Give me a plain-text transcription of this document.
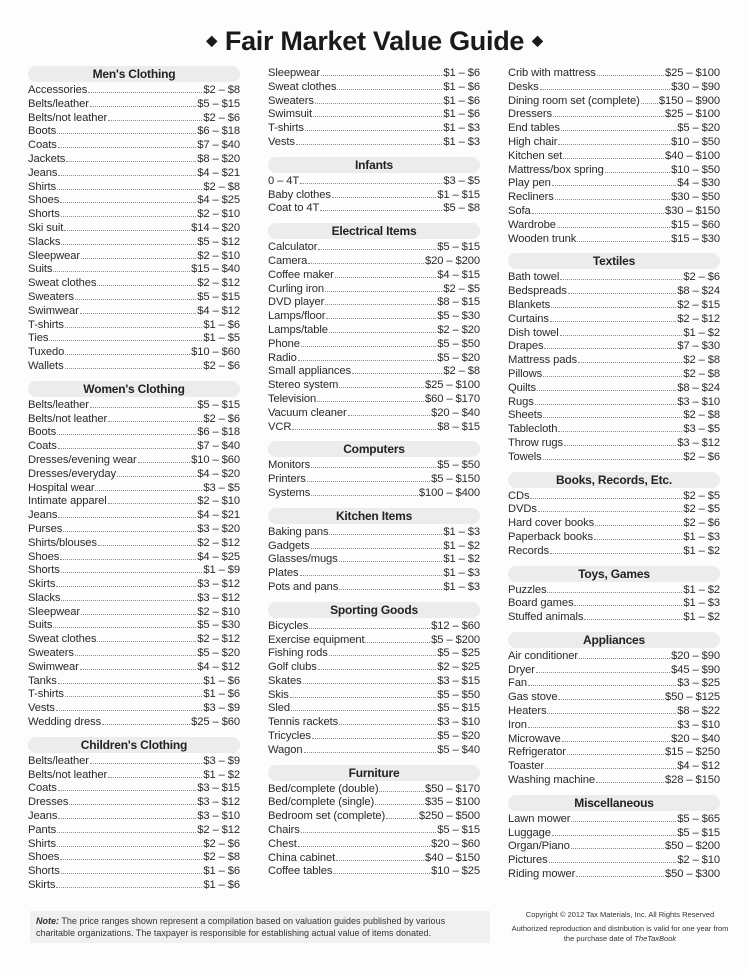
◆ Fair Market Value Guide ◆
Men's Clothing
Accessories	$2 – $8
Belts/leather	$5 – $15
Belts/not leather	$2 – $6
Boots	$6 – $18
Coats	$7 – $40
Jackets	$8 – $20
Jeans	$4 – $21
Shirts	$2 – $8
Shoes	$4 – $25
Shorts	$2 – $10
Ski suit	$14 – $20
Slacks	$5 – $12
Sleepwear	$2 – $10
Suits	$15 – $40
Sweat clothes	$2 – $12
Sweaters	$5 – $15
Swimwear	$4 – $12
T-shirts	$1 – $6
Ties	$1 – $5
Tuxedo	$10 – $60
Wallets	$2 – $6
Women's Clothing
Belts/leather	$5 – $15
Belts/not leather	$2 – $6
Boots	$6 – $18
Coats	$7 – $40
Dresses/evening wear	$10 – $60
Dresses/everyday	$4 – $20
Hospital wear	$3 – $5
Intimate apparel	$2 – $10
Jeans	$4 – $21
Purses	$3 – $20
Shirts/blouses	$2 – $12
Shoes	$4 – $25
Shorts	$1 – $9
Skirts	$3 – $12
Slacks	$3 – $12
Sleepwear	$2 – $10
Suits	$5 – $30
Sweat clothes	$2 – $12
Sweaters	$5 – $20
Swimwear	$4 – $12
Tanks	$1 – $6
T-shirts	$1 – $6
Vests	$3 – $9
Wedding dress	$25 – $60
Children's Clothing
Belts/leather	$3 – $9
Belts/not leather	$1 – $2
Coats	$3 – $15
Dresses	$3 – $12
Jeans	$3 – $10
Pants	$2 – $12
Shirts	$2 – $6
Shoes	$2 – $8
Shorts	$1 – $6
Skirts	$1 – $6
Sleepwear	$1 – $6
Sweat clothes	$1 – $6
Sweaters	$1 – $6
Swimsuit	$1 – $6
T-shirts	$1 – $3
Vests	$1 – $3
Infants
0 – 4T	$3 – $5
Baby clothes	$1 – $15
Coat to 4T	$5 – $8
Electrical Items
Calculator	$5 – $15
Camera	$20 – $200
Coffee maker	$4 – $15
Curling iron	$2 – $5
DVD player	$8 – $15
Lamps/floor	$5 – $30
Lamps/table	$2 – $20
Phone	$5 – $50
Radio	$5 – $20
Small appliances	$2 – $8
Stereo system	$25 – $100
Television	$60 – $170
Vacuum cleaner	$20 – $40
VCR	$8 – $15
Computers
Monitors	$5 – $50
Printers	$5 – $150
Systems	$100 – $400
Kitchen Items
Baking pans	$1 – $3
Gadgets	$1 – $2
Glasses/mugs	$1 – $2
Plates	$1 – $3
Pots and pans	$1 – $3
Sporting Goods
Bicycles	$12 – $60
Exercise equipment	$5 – $200
Fishing rods	$5 – $25
Golf clubs	$2 – $25
Skates	$3 – $15
Skis	$5 – $50
Sled	$5 – $15
Tennis rackets	$3 – $10
Tricycles	$5 – $20
Wagon	$5 – $40
Furniture
Bed/complete (double)	$50 – $170
Bed/complete (single)	$35 – $100
Bedroom set (complete)	$250 – $500
Chairs	$5 – $15
Chest	$20 – $60
China cabinet	$40 – $150
Coffee tables	$10 – $25
Crib with mattress	$25 – $100
Desks	$30 – $90
Dining room set (complete) $150 – $900
Dressers	$25 – $100
End tables	$5 – $20
High chair	$10 – $50
Kitchen set	$40 – $100
Mattress/box spring	$10 – $50
Play pen	$4 – $30
Recliners	$30 – $50
Sofa	$30 – $150
Wardrobe	$15 – $60
Wooden trunk	$15 – $30
Textiles
Bath towel	$2 – $6
Bedspreads	$8 – $24
Blankets	$2 – $15
Curtains	$2 – $12
Dish towel	$1 – $2
Drapes	$7 – $30
Mattress pads	$2 – $8
Pillows	$2 – $8
Quilts	$8 – $24
Rugs	$3 – $10
Sheets	$2 – $8
Tablecloth	$3 – $5
Throw rugs	$3 – $12
Towels	$2 – $6
Books, Records, Etc.
CDs	$2 – $5
DVDs	$2 – $5
Hard cover books	$2 – $6
Paperback books	$1 – $3
Records	$1 – $2
Toys, Games
Puzzles	$1 – $2
Board games	$1 – $3
Stuffed animals	$1 – $2
Appliances
Air conditioner	$20 – $90
Dryer	$45 – $90
Fan	$3 – $25
Gas stove	$50 – $125
Heaters	$8 – $22
Iron	$3 – $10
Microwave	$20 – $40
Refrigerator	$15 – $250
Toaster	$4 – $12
Washing machine	$28 – $150
Miscellaneous
Lawn mower	$5 – $65
Luggage	$5 – $15
Organ/Piano	$50 – $200
Pictures	$2 – $10
Riding mower	$50 – $300
Note: The price ranges shown represent a compilation based on valuation guides published by various charitable organizations. The taxpayer is responsible for establishing actual value of items donated.
Copyright © 2012 Tax Materials, Inc. All Rights Reserved
Authorized reproduction and distribution is valid for one year from the purchase date of TheTaxBook
